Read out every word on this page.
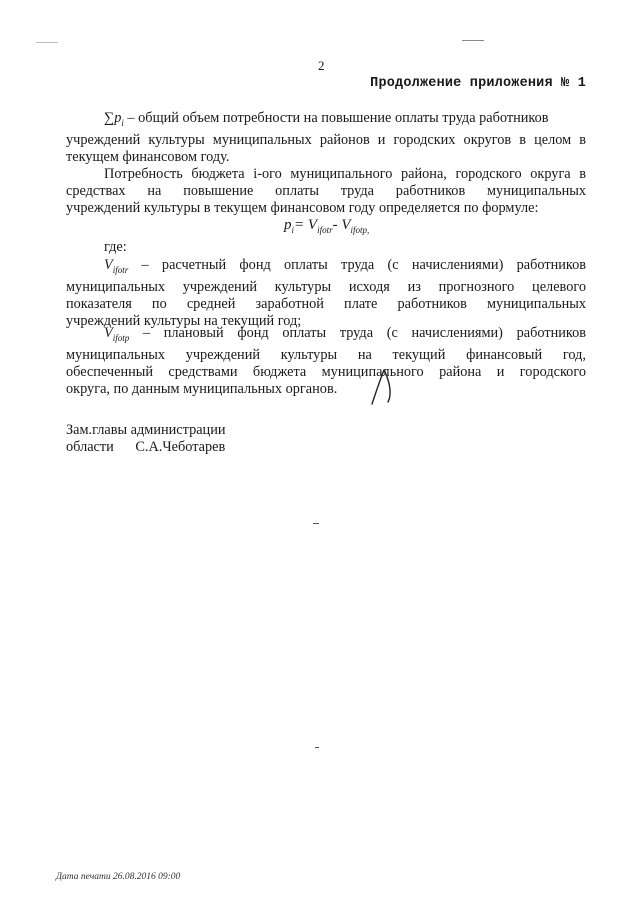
2
Продолжение приложения № 1
$\sum p_i$ – общий объем потребности на повышение оплаты труда работников
учреждений культуры муниципальных районов и городских округов в целом в
текущем финансовом году.
Потребность бюджета i-ого муниципального района, городского округа в
средствах на повышение оплаты труда работников муниципальных
учреждений культуры в текущем финансовом году определяется по формуле:
$p_i= V_{ifotr}-$ $V_{ifotp,}$
где:
$V_{ifotr}$ – расчетный фонд оплаты труда (с начислениями) работников
муниципальных учреждений культуры исходя из прогнозного целевого
показателя по средней заработной плате работников муниципальных
учреждений культуры на текущий год;
$V_{ifotp}$ – плановый фонд оплаты труда (с начислениями) работников
муниципальных учреждений культуры на текущий финансовый год,
обеспеченный средствами бюджета муниципального района и городского
округа, по данным муниципальных органов.
Зам.главы администрации
области С.А.Чеботарев
Дата печати 26.08.2016 09:00
